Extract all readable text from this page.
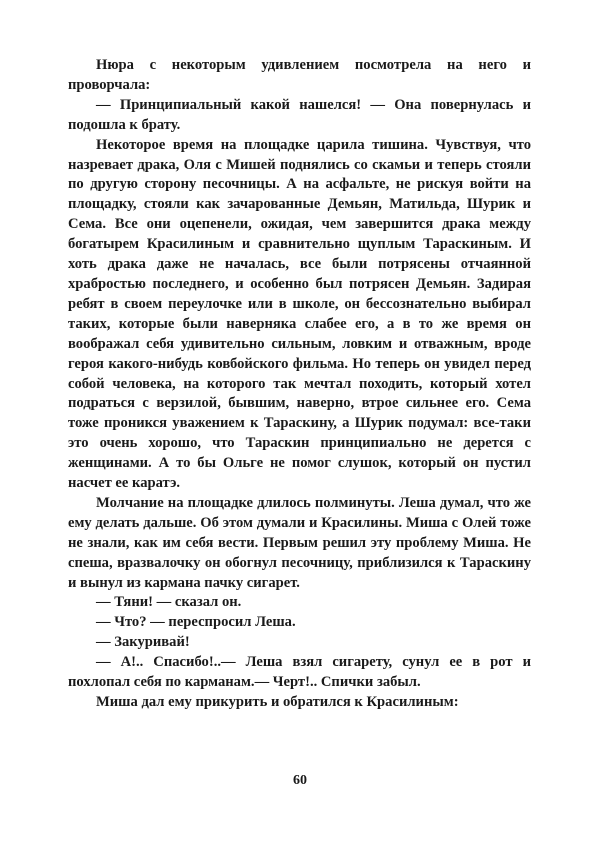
Нюра с некоторым удивлением посмотрела на него и проворчала:

— Принципиальный какой нашелся! — Она повернулась и подошла к брату.

Некоторое время на площадке царила тишина. Чувствуя, что назревает драка, Оля с Мишей поднялись со скамьи и теперь стояли по другую сторону песочницы. А на асфальте, не рискуя войти на площадку, стояли как зачарованные Демьян, Матильда, Шурик и Сема. Все они оцепенели, ожидая, чем завершится драка между богатырем Красилиным и сравнительно щуплым Тараскиным. И хоть драка даже не началась, все были потрясены отчаянной храбростью последнего, и особенно был потрясен Демьян. Задирая ребят в своем переулочке или в школе, он бессознательно выбирал таких, которые были наверняка слабее его, а в то же время он воображал себя удивительно сильным, ловким и отважным, вроде героя какого-нибудь ковбойского фильма. Но теперь он увидел перед собой человека, на которого так мечтал походить, который хотел подраться с верзилой, бывшим, наверно, втрое сильнее его. Сема тоже проникся уважением к Тараскину, а Шурик подумал: все-таки это очень хорошо, что Тараскин принципиально не дерется с женщинами. А то бы Ольге не помог слушок, который он пустил насчет ее каратэ.

Молчание на площадке длилось полминуты. Леша думал, что же ему делать дальше. Об этом думали и Красилины. Миша с Олей тоже не знали, как им себя вести. Первым решил эту проблему Миша. Не спеша, вразвалочку он обогнул песочницу, приблизился к Тараскину и вынул из кармана пачку сигарет.

— Тяни! — сказал он.

— Что? — переспросил Леша.

— Закуривай!

— А!.. Спасибо!..— Леша взял сигарету, сунул ее в рот и похлопал себя по карманам.— Черт!.. Спички забыл.

Миша дал ему прикурить и обратился к Красилиным:

60
